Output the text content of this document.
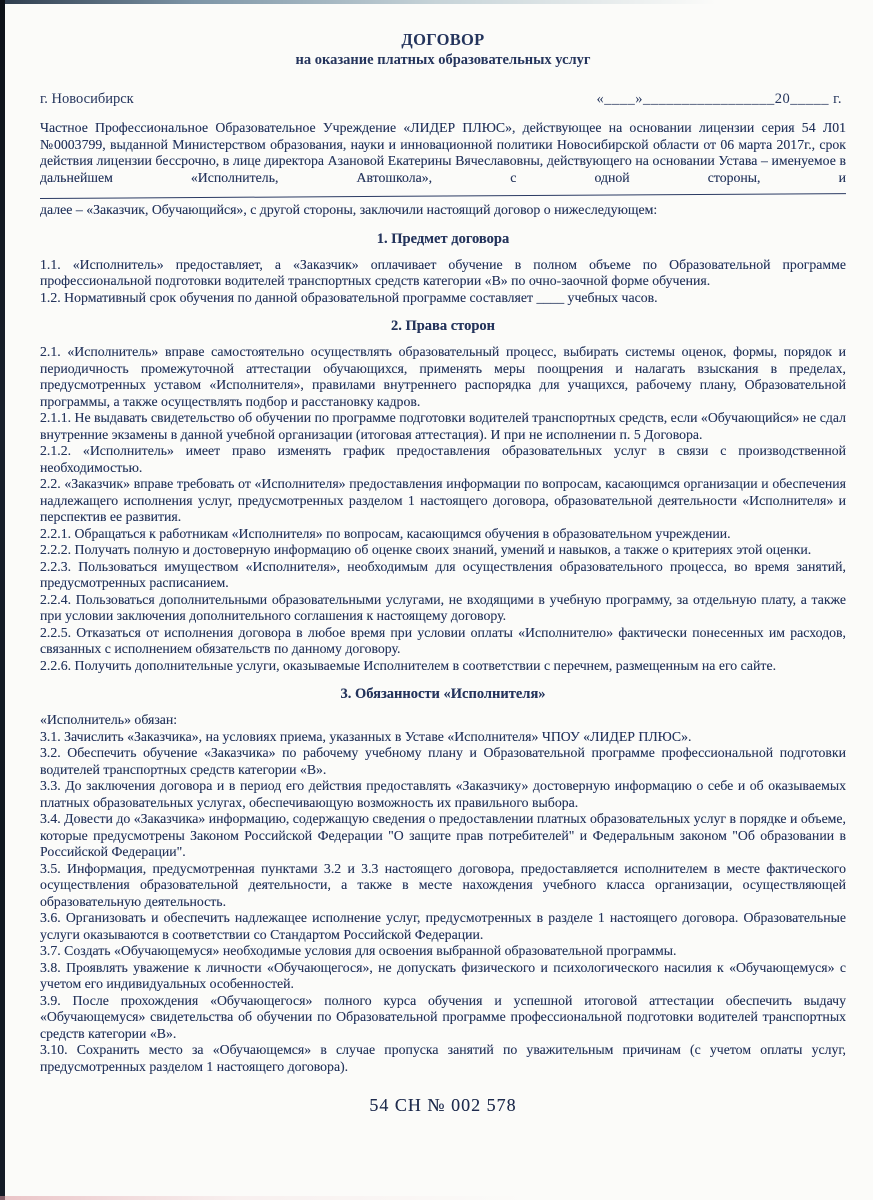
ДОГОВОР
на оказание платных образовательных услуг
г. Новосибирск	«____»_________________20_____ г.

Частное Профессиональное Образовательное Учреждение «ЛИДЕР ПЛЮС», действующее на основании лицензии серия 54 Л01 №0003799, выданной Министерством образования, науки и инновационной политики Новосибирской области от 06 марта 2017г., срок действия лицензии бессрочно, в лице директора Азановой Екатерины Вячеславовны, действующего на основании Устава – именуемое в дальнейшем «Исполнитель, Автошкола», с одной стороны, и

далее – «Заказчик, Обучающийся», с другой стороны, заключили настоящий договор о нижеследующем:

1. Предмет договора

1.1. «Исполнитель» предоставляет, а «Заказчик» оплачивает обучение в полном объеме по Образовательной программе профессиональной подготовки водителей транспортных средств категории «В» по очно-заочной форме обучения.

1.2. Нормативный срок обучения по данной образовательной программе составляет ____ учебных часов.

2. Права сторон

2.1. «Исполнитель» вправе самостоятельно осуществлять образовательный процесс, выбирать системы оценок, формы, порядок и периодичность промежуточной аттестации обучающихся, применять меры поощрения и налагать взыскания в пределах, предусмотренных уставом «Исполнителя», правилами внутреннего распорядка для учащихся, рабочему плану, Образовательной программы, а также осуществлять подбор и расстановку кадров.

2.1.1. Не выдавать свидетельство об обучении по программе подготовки водителей транспортных средств, если «Обучающийся» не сдал внутренние экзамены в данной учебной организации (итоговая аттестация). И при не исполнении п. 5 Договора.

2.1.2. «Исполнитель» имеет право изменять график предоставления образовательных услуг в связи с производственной необходимостью.

2.2. «Заказчик» вправе требовать от «Исполнителя» предоставления информации по вопросам, касающимся организации и обеспечения надлежащего исполнения услуг, предусмотренных разделом 1 настоящего договора, образовательной деятельности «Исполнителя» и перспектив ее развития.

2.2.1. Обращаться к работникам «Исполнителя» по вопросам, касающимся обучения в образовательном учреждении.

2.2.2. Получать полную и достоверную информацию об оценке своих знаний, умений и навыков, а также о критериях этой оценки.

2.2.3. Пользоваться имуществом «Исполнителя», необходимым для осуществления образовательного процесса, во время занятий, предусмотренных расписанием.

2.2.4. Пользоваться дополнительными образовательными услугами, не входящими в учебную программу, за отдельную плату, а также при условии заключения дополнительного соглашения к настоящему договору.

2.2.5. Отказаться от исполнения договора в любое время при условии оплаты «Исполнителю» фактически понесенных им расходов, связанных с исполнением обязательств по данному договору.

2.2.6. Получить дополнительные услуги, оказываемые Исполнителем в соответствии с перечнем, размещенным на его сайте.

3. Обязанности «Исполнителя»

«Исполнитель» обязан:

3.1. Зачислить «Заказчика», на условиях приема, указанных в Уставе «Исполнителя» ЧПОУ «ЛИДЕР ПЛЮС».

3.2. Обеспечить обучение «Заказчика» по рабочему учебному плану и Образовательной программе профессиональной подготовки водителей транспортных средств категории «В».

3.3. До заключения договора и в период его действия предоставлять «Заказчику» достоверную информацию о себе и об оказываемых платных образовательных услугах, обеспечивающую возможность их правильного выбора.

3.4. Довести до «Заказчика» информацию, содержащую сведения о предоставлении платных образовательных услуг в порядке и объеме, которые предусмотрены Законом Российской Федерации "О защите прав потребителей" и Федеральным законом "Об образовании в Российской Федерации".

3.5. Информация, предусмотренная пунктами 3.2 и 3.3 настоящего договора, предоставляется исполнителем в месте фактического осуществления образовательной деятельности, а также в месте нахождения учебного класса организации, осуществляющей образовательную деятельность.

3.6. Организовать и обеспечить надлежащее исполнение услуг, предусмотренных в разделе 1 настоящего договора. Образовательные услуги оказываются в соответствии со Стандартом Российской Федерации.

3.7. Создать «Обучающемуся» необходимые условия для освоения выбранной образовательной программы.

3.8. Проявлять уважение к личности «Обучающегося», не допускать физического и психологического насилия к «Обучающемуся» с учетом его индивидуальных особенностей.

3.9. После прохождения «Обучающегося» полного курса обучения и успешной итоговой аттестации обеспечить выдачу «Обучающемуся» свидетельства об обучении по Образовательной программе профессиональной подготовки водителей транспортных средств категории «В».

3.10. Сохранить место за «Обучающемся» в случае пропуска занятий по уважительным причинам (с учетом оплаты услуг, предусмотренных разделом 1 настоящего договора).

54 СН № 002 578
